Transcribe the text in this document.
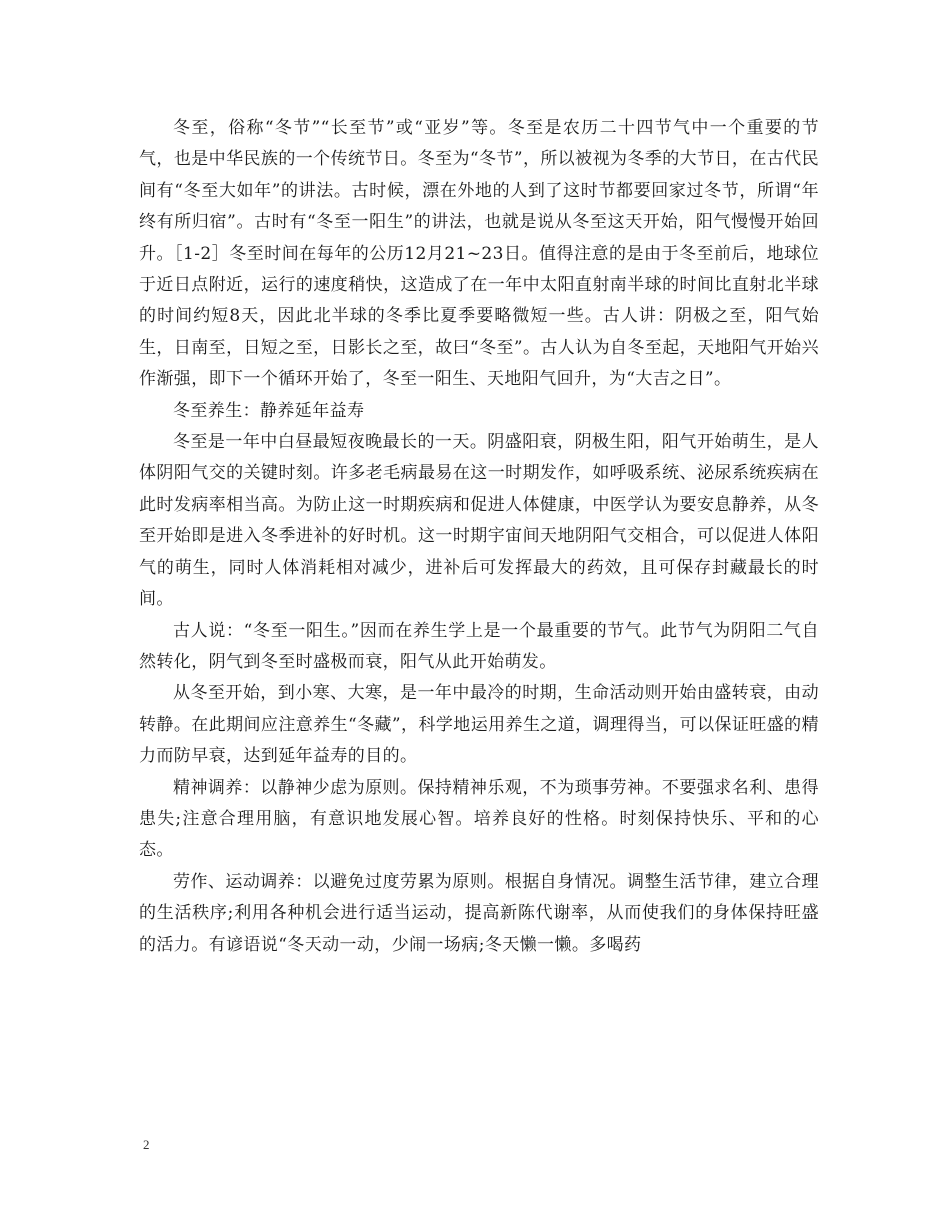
冬至，俗称“冬节”“长至节”或“亚岁”等。冬至是农历二十四节气中一个重要的节气，也是中华民族的一个传统节日。冬至为“冬节”，所以被视为冬季的大节日，在古代民间有“冬至大如年”的讲法。古时候，漂在外地的人到了这时节都要回家过冬节，所谓“年终有所归宿”。古时有“冬至一阳生”的讲法，也就是说从冬至这天开始，阳气慢慢开始回升。［1-2］冬至时间在每年的公历12月21~23日。值得注意的是由于冬至前后，地球位于近日点附近，运行的速度稍快，这造成了在一年中太阳直射南半球的时间比直射北半球的时间约短8天，因此北半球的冬季比夏季要略微短一些。古人讲：阴极之至，阳气始生，日南至，日短之至，日影长之至，故曰“冬至”。古人认为自冬至起，天地阳气开始兴作渐强，即下一个循环开始了，冬至一阳生、天地阳气回升，为“大吉之日”。

冬至养生：静养延年益寿

冬至是一年中白昼最短夜晚最长的一天。阴盛阳衰，阴极生阳，阳气开始萌生，是人体阴阳气交的关键时刻。许多老毛病最易在这一时期发作，如呼吸系统、泌尿系统疾病在此时发病率相当高。为防止这一时期疾病和促进人体健康，中医学认为要安息静养，从冬至开始即是进入冬季进补的好时机。这一时期宇宙间天地阴阳气交相合，可以促进人体阳气的萌生，同时人体消耗相对减少，进补后可发挥最大的药效，且可保存封藏最长的时间。

古人说：“冬至一阳生。”因而在养生学上是一个最重要的节气。此节气为阴阳二气自然转化，阴气到冬至时盛极而衰，阳气从此开始萌发。

从冬至开始，到小寒、大寒，是一年中最冷的时期，生命活动则开始由盛转衰，由动转静。在此期间应注意养生“冬藏”，科学地运用养生之道，调理得当，可以保证旺盛的精力而防早衰，达到延年益寿的目的。

精神调养：以静神少虑为原则。保持精神乐观，不为琐事劳神。不要强求名利、患得患失;注意合理用脑，有意识地发展心智。培养良好的性格。时刻保持快乐、平和的心态。

劳作、运动调养：以避免过度劳累为原则。根据自身情况。调整生活节律，建立合理的生活秩序;利用各种机会进行适当运动，提高新陈代谢率，从而使我们的身体保持旺盛的活力。有谚语说“冬天动一动，少闹一场病;冬天懒一懒。多喝药

2
